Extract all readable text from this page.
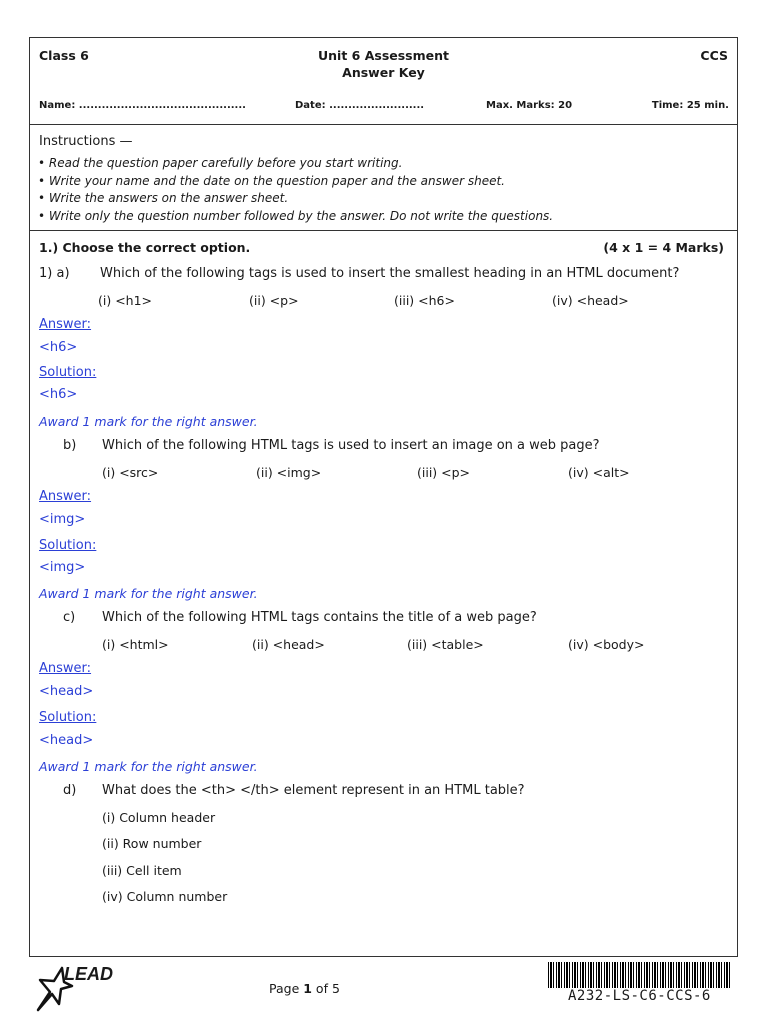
Class 6	Unit 6 Assessment
Answer Key
CCS
Name: ............................................	Date: .........................	Max. Marks: 20	Time: 25 min.
Instructions —
• Read the question paper carefully before you start writing.
• Write your name and the date on the question paper and the answer sheet.
• Write the answers on the answer sheet.
• Write only the question number followed by the answer. Do not write the questions.
1.) Choose the correct option.	(4 x 1 = 4 Marks)
1) a) Which of the following tags is used to insert the smallest heading in an HTML document?
(i) <h1>	(ii) <p>	(iii) <h6>	(iv) <head>
Answer:
<h6>
Solution:
<h6>
Award 1 mark for the right answer.
b) Which of the following HTML tags is used to insert an image on a web page?
(i) <src>	(ii) <img>	(iii) <p>	(iv) <alt>
Answer:
<img>
Solution:
<img>
Award 1 mark for the right answer.
c) Which of the following HTML tags contains the title of a web page?
(i) <html>	(ii) <head>	(iii) <table>	(iv) <body>
Answer:
<head>
Solution:
<head>
Award 1 mark for the right answer.
d) What does the <th> </th> element represent in an HTML table?
(i) Column header
(ii) Row number
(iii) Cell item
(iv) Column number
LEAD
Page 1 of 5	A232-LS-C6-CCS-6
